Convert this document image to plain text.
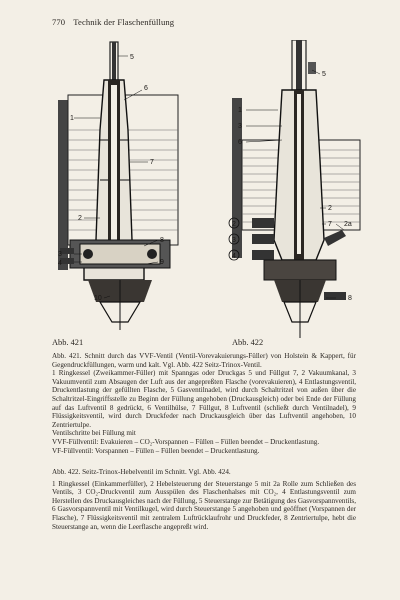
770 Technik der Flaschenfüllung
5
6
1
7
2
8
9
3
4
10
5
1
3
6
2
7 2a
8
2
3
4
Abb. 421	Abb. 422

Abb. 421. Schnitt durch das VVF-Ventil (Ventil-Vorevakuierungs-Füller) von Holstein & Kappert, für Gegendruckfüllungen, warm und kalt. Vgl. Abb. 422 Seitz-Trinox-Ventil.

1 Ringkessel (Zweikammer-Füller) mit Spanngas oder Druckgas 5 und Füllgut 7, 2 Vakuumkanal, 3 Vakuumventil zum Absaugen der Luft aus der angepreßten Flasche (vorevakuieren), 4 Entlastungsventil, Druckentlastung der gefüllten Flasche, 5 Gasventilnadel, wird durch Schaltritzel von außen über die Schaltritzel-Eingriffsstelle zu Beginn der Füllung angehoben (Druckausgleich) oder bei Ende der Füllung auf das Luftventil 8 gedrückt, 6 Ventilhülse, 7 Füllgut, 8 Luftventil (schließt durch Ventilnadel), 9 Flüssigkeitsventil, wird durch Druckfeder nach Druckausgleich über das Luftventil angehoben, 10 Zentriertulpe.

Ventilschritte bei Füllung mit

VVF-Füllventil: Evakuieren – CO₂-Vorspannen – Füllen – Füllen beendet – Druckentlastung.

VF-Füllventil: Vorspannen – Füllen – Füllen beendet – Druckentlastung.

Abb. 422. Seitz-Trinox-Hebelventil im Schnitt. Vgl. Abb. 424.

1 Ringkessel (Einkammerfüller), 2 Hebelsteuerung der Steuerstange 5 mit 2a Rolle zum Schließen des Ventils, 3 CO₂-Druckventil zum Ausspülen des Flaschenhalses mit CO₂, 4 Entlastungsventil zum Herstellen des Druckausgleiches nach der Füllung, 5 Steuerstange zur Betätigung des Gasvorspannventils, 6 Gasvorspannventil mit Ventilkugel, wird durch Steuerstange 5 angehoben und geöffnet (Vorspannen der Flasche), 7 Flüssigkeitsventil mit zentralem Luftrücklaufrohr und Druckfeder, 8 Zentriertulpe, hebt die Steuerstange an, wenn die Leerflasche angepreßt wird.
